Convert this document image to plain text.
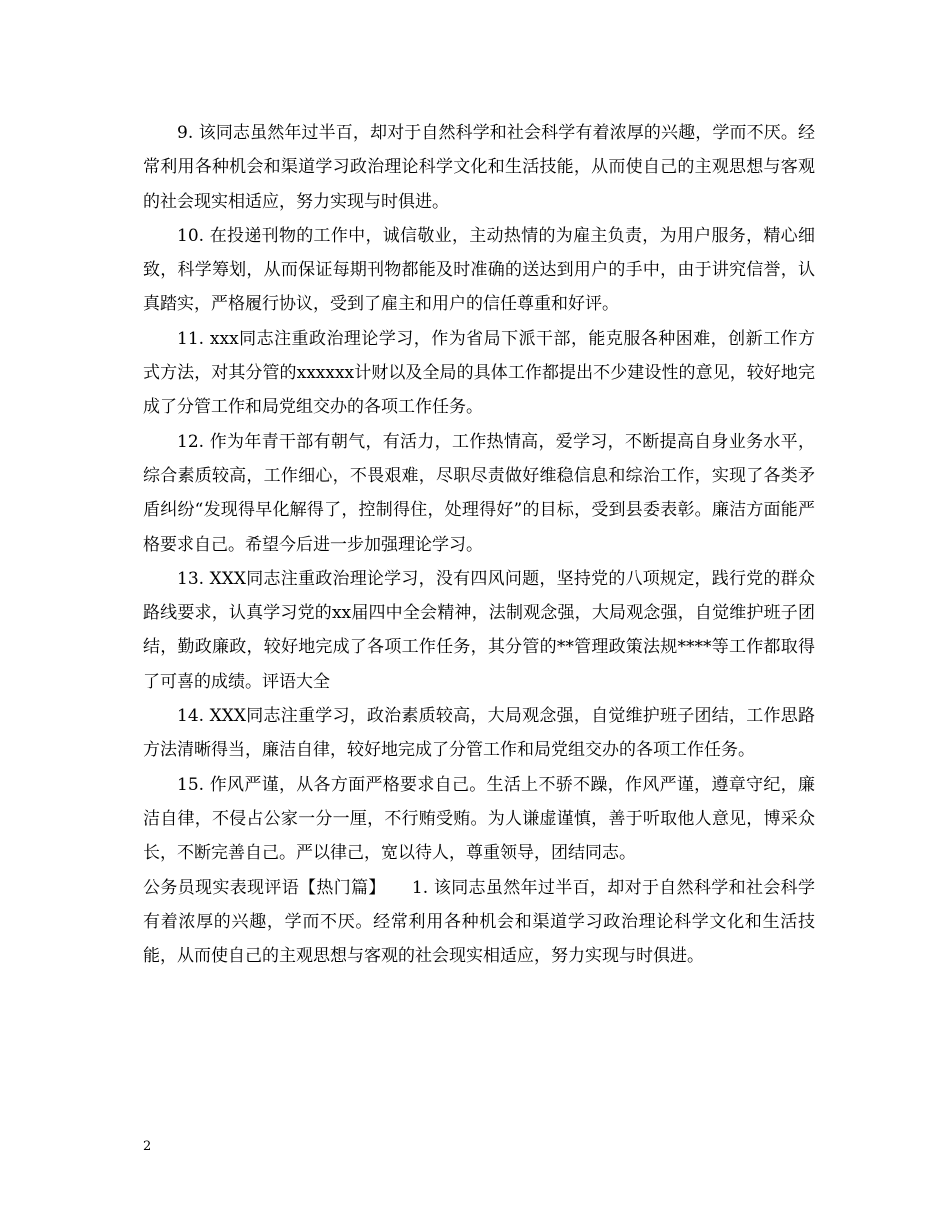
9. 该同志虽然年过半百，却对于自然科学和社会科学有着浓厚的兴趣，学而不厌。经常利用各种机会和渠道学习政治理论科学文化和生活技能，从而使自己的主观思想与客观的社会现实相适应，努力实现与时俱进。

10. 在投递刊物的工作中，诚信敬业，主动热情的为雇主负责，为用户服务，精心细致，科学筹划，从而保证每期刊物都能及时准确的送达到用户的手中，由于讲究信誉，认真踏实，严格履行协议，受到了雇主和用户的信任尊重和好评。

11. xxx同志注重政治理论学习，作为省局下派干部，能克服各种困难，创新工作方式方法，对其分管的xxxxxx计财以及全局的具体工作都提出不少建设性的意见，较好地完成了分管工作和局党组交办的各项工作任务。

12. 作为年青干部有朝气，有活力，工作热情高，爱学习，不断提高自身业务水平，综合素质较高，工作细心，不畏艰难，尽职尽责做好维稳信息和综治工作，实现了各类矛盾纠纷“发现得早化解得了，控制得住，处理得好”的目标，受到县委表彰。廉洁方面能严格要求自己。希望今后进一步加强理论学习。

13. XXX同志注重政治理论学习，没有四风问题，坚持党的八项规定，践行党的群众路线要求，认真学习党的xx届四中全会精神，法制观念强，大局观念强，自觉维护班子团结，勤政廉政，较好地完成了各项工作任务，其分管的**管理政策法规****等工作都取得了可喜的成绩。评语大全

14. XXX同志注重学习，政治素质较高，大局观念强，自觉维护班子团结，工作思路方法清晰得当，廉洁自律，较好地完成了分管工作和局党组交办的各项工作任务。

15. 作风严谨，从各方面严格要求自己。生活上不骄不躁，作风严谨，遵章守纪，廉洁自律，不侵占公家一分一厘，不行贿受贿。为人谦虚谨慎，善于听取他人意见，博采众长，不断完善自己。严以律己，宽以待人，尊重领导，团结同志。

公务员现实表现评语【热门篇】　　1. 该同志虽然年过半百，却对于自然科学和社会科学有着浓厚的兴趣，学而不厌。经常利用各种机会和渠道学习政治理论科学文化和生活技能，从而使自己的主观思想与客观的社会现实相适应，努力实现与时俱进。

2
